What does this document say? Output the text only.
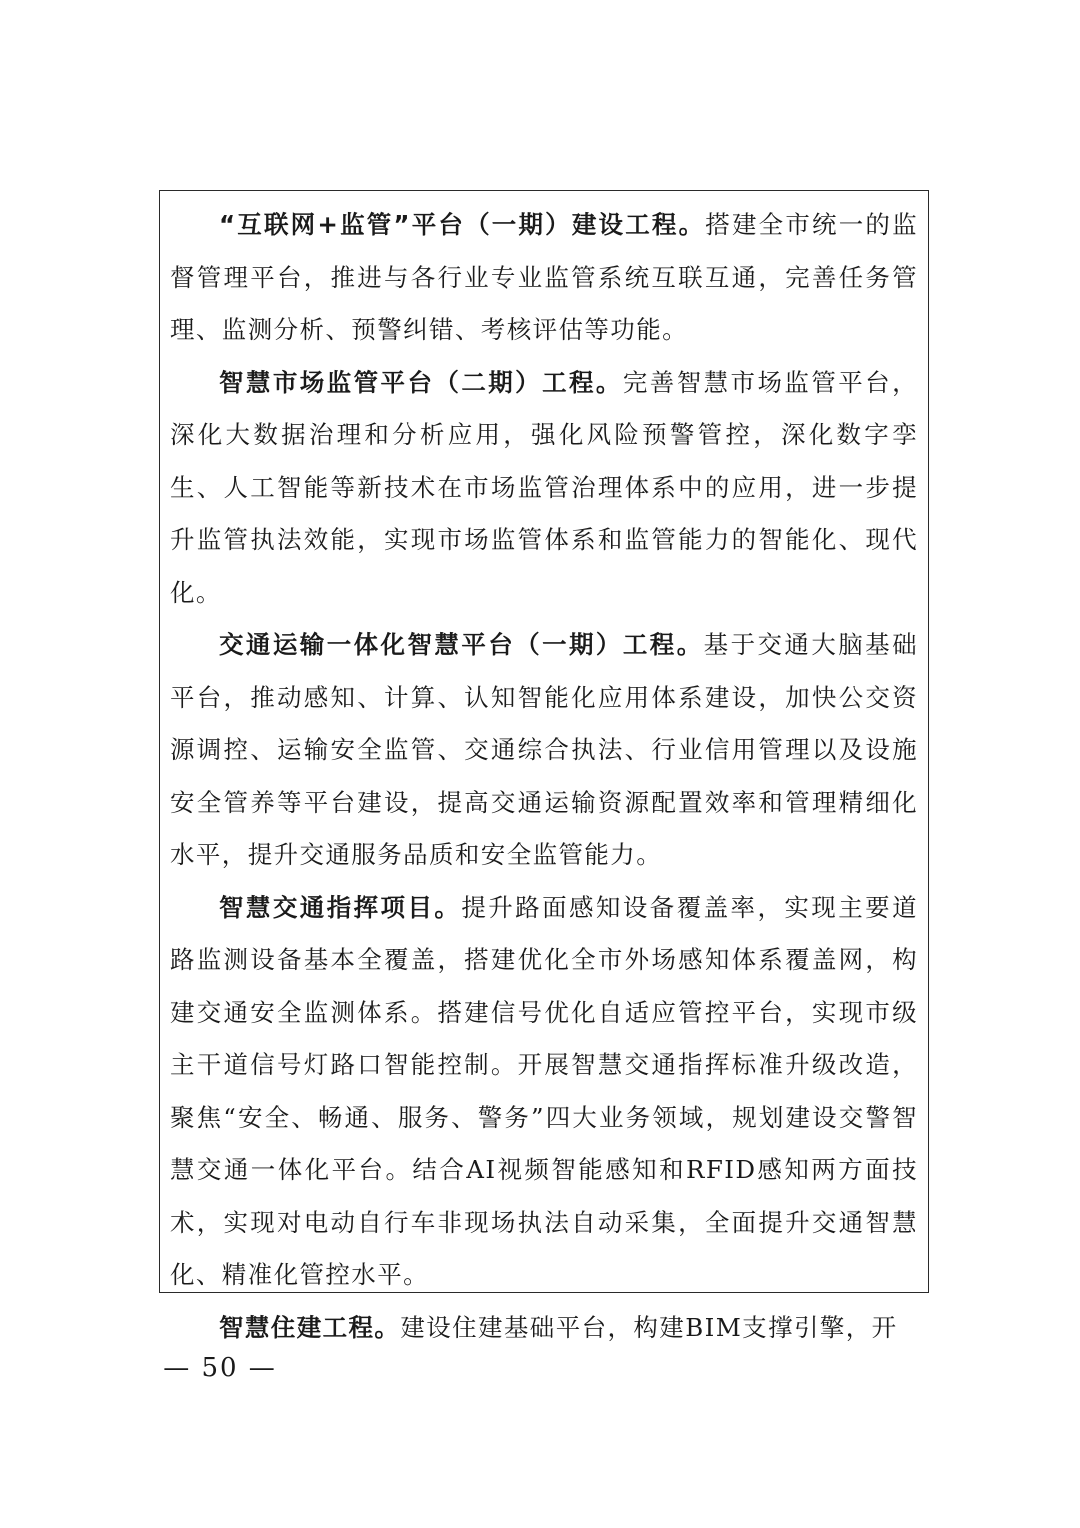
“互联网+监管”平台（一期）建设工程。搭建全市统一的监督管理平台，推进与各行业专业监管系统互联互通，完善任务管理、监测分析、预警纠错、考核评估等功能。

智慧市场监管平台（二期）工程。完善智慧市场监管平台，深化大数据治理和分析应用，强化风险预警管控，深化数字孪生、人工智能等新技术在市场监管治理体系中的应用，进一步提升监管执法效能，实现市场监管体系和监管能力的智能化、现代化。

交通运输一体化智慧平台（一期）工程。基于交通大脑基础平台，推动感知、计算、认知智能化应用体系建设，加快公交资源调控、运输安全监管、交通综合执法、行业信用管理以及设施安全管养等平台建设，提高交通运输资源配置效率和管理精细化水平，提升交通服务品质和安全监管能力。

智慧交通指挥项目。提升路面感知设备覆盖率，实现主要道路监测设备基本全覆盖，搭建优化全市外场感知体系覆盖网，构建交通安全监测体系。搭建信号优化自适应管控平台，实现市级主干道信号灯路口智能控制。开展智慧交通指挥标准升级改造，聚焦“安全、畅通、服务、警务”四大业务领域，规划建设交警智慧交通一体化平台。结合AI视频智能感知和RFID感知两方面技术，实现对电动自行车非现场执法自动采集，全面提升交通智慧化、精准化管控水平。

智慧住建工程。建设住建基础平台，构建BIM支撑引擎，开

— 50 —
